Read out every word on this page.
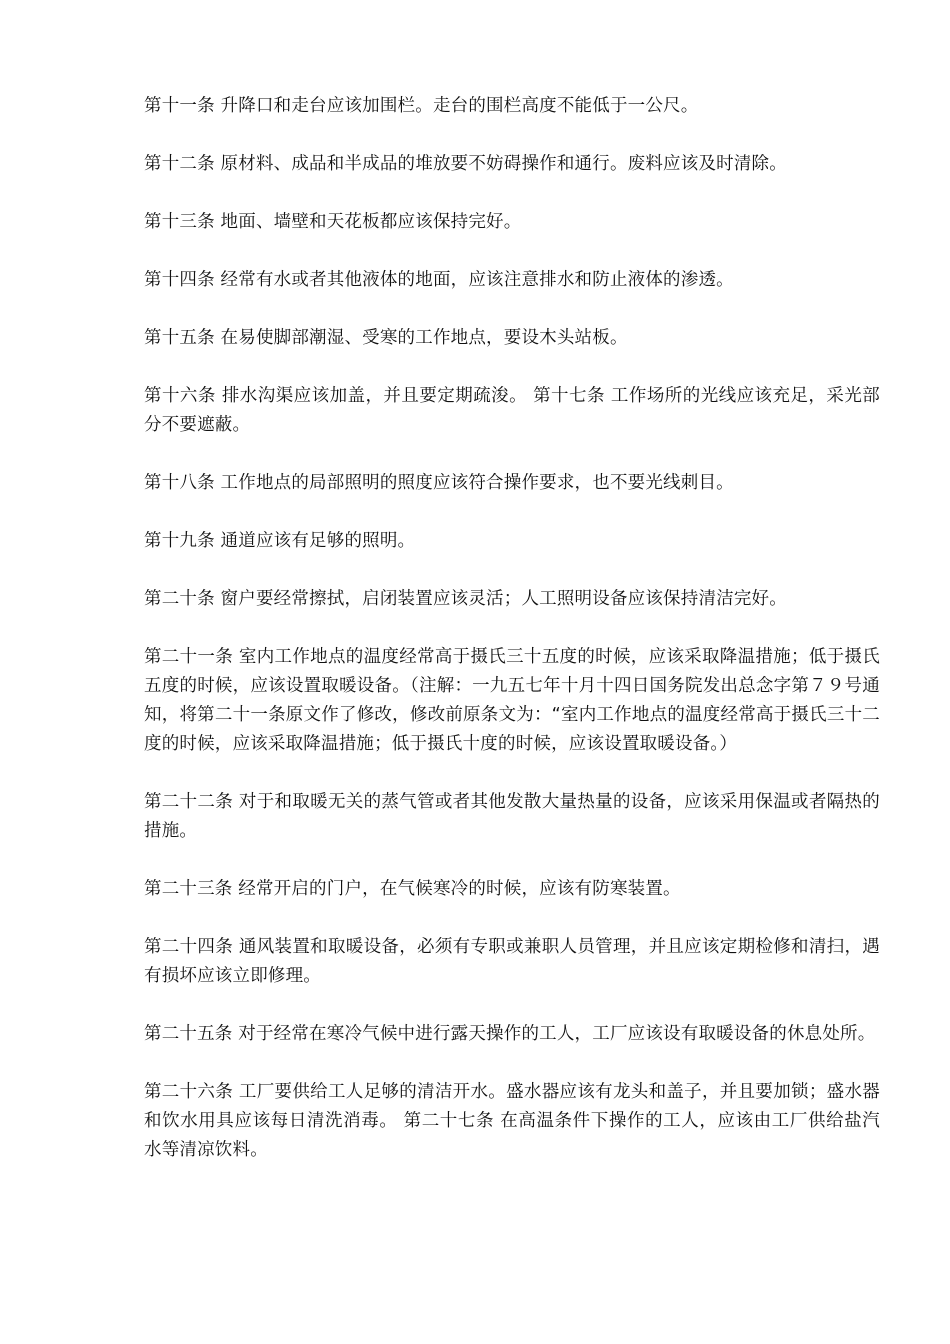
第十一条 升降口和走台应该加围栏。走台的围栏高度不能低于一公尺。

第十二条 原材料、成品和半成品的堆放要不妨碍操作和通行。废料应该及时清除。

第十三条 地面、墙壁和天花板都应该保持完好。

第十四条 经常有水或者其他液体的地面，应该注意排水和防止液体的渗透。

第十五条 在易使脚部潮湿、受寒的工作地点，要设木头站板。

第十六条 排水沟渠应该加盖，并且要定期疏浚。 第十七条 工作场所的光线应该充足，采光部分不要遮蔽。

第十八条 工作地点的局部照明的照度应该符合操作要求，也不要光线刺目。

第十九条 通道应该有足够的照明。

第二十条 窗户要经常擦拭，启闭装置应该灵活；人工照明设备应该保持清洁完好。

第二十一条 室内工作地点的温度经常高于摄氏三十五度的时候，应该采取降温措施；低于摄氏五度的时候，应该设置取暖设备。（注解：一九五七年十月十四日国务院发出总念字第７９号通知，将第二十一条原文作了修改，修改前原条文为：“室内工作地点的温度经常高于摄氏三十二度的时候，应该采取降温措施；低于摄氏十度的时候，应该设置取暖设备。）

第二十二条 对于和取暖无关的蒸气管或者其他发散大量热量的设备，应该采用保温或者隔热的措施。

第二十三条 经常开启的门户，在气候寒冷的时候，应该有防寒装置。

第二十四条 通风装置和取暖设备，必须有专职或兼职人员管理，并且应该定期检修和清扫，遇有损坏应该立即修理。

第二十五条 对于经常在寒冷气候中进行露天操作的工人，工厂应该设有取暖设备的休息处所。

第二十六条 工厂要供给工人足够的清洁开水。盛水器应该有龙头和盖子，并且要加锁；盛水器和饮水用具应该每日清洗消毒。 第二十七条 在高温条件下操作的工人，应该由工厂供给盐汽水等清凉饮料。
